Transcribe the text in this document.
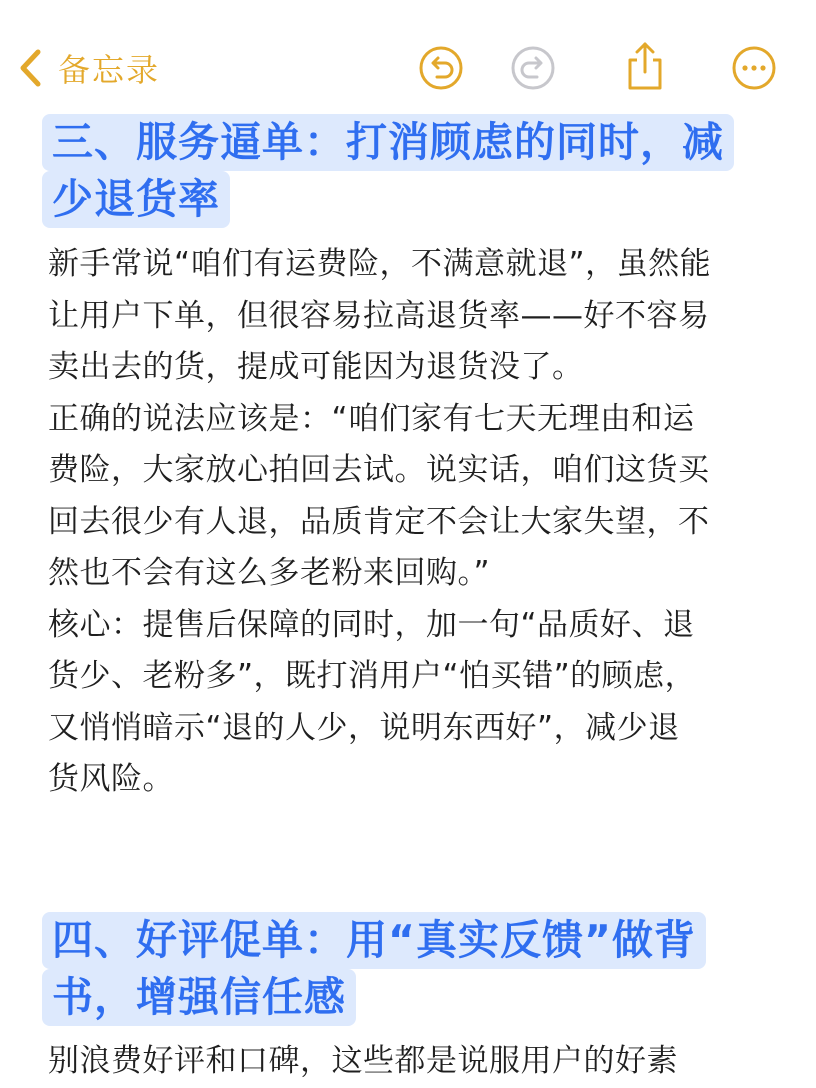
备忘录
三、服务逼单：打消顾虑的同时，减
少退货率
新手常说“咱们有运费险，不满意就退”，虽然能
让用户下单，但很容易拉高退货率——好不容易
卖出去的货，提成可能因为退货没了。
正确的说法应该是：“咱们家有七天无理由和运
费险，大家放心拍回去试。说实话，咱们这货买
回去很少有人退，品质肯定不会让大家失望，不
然也不会有这么多老粉来回购。”
核心：提售后保障的同时，加一句“品质好、退
货少、老粉多”，既打消用户“怕买错”的顾虑，
又悄悄暗示“退的人少，说明东西好”，减少退
货风险。
四、好评促单：用“真实反馈”做背
书，增强信任感
别浪费好评和口碑，这些都是说服用户的好素
